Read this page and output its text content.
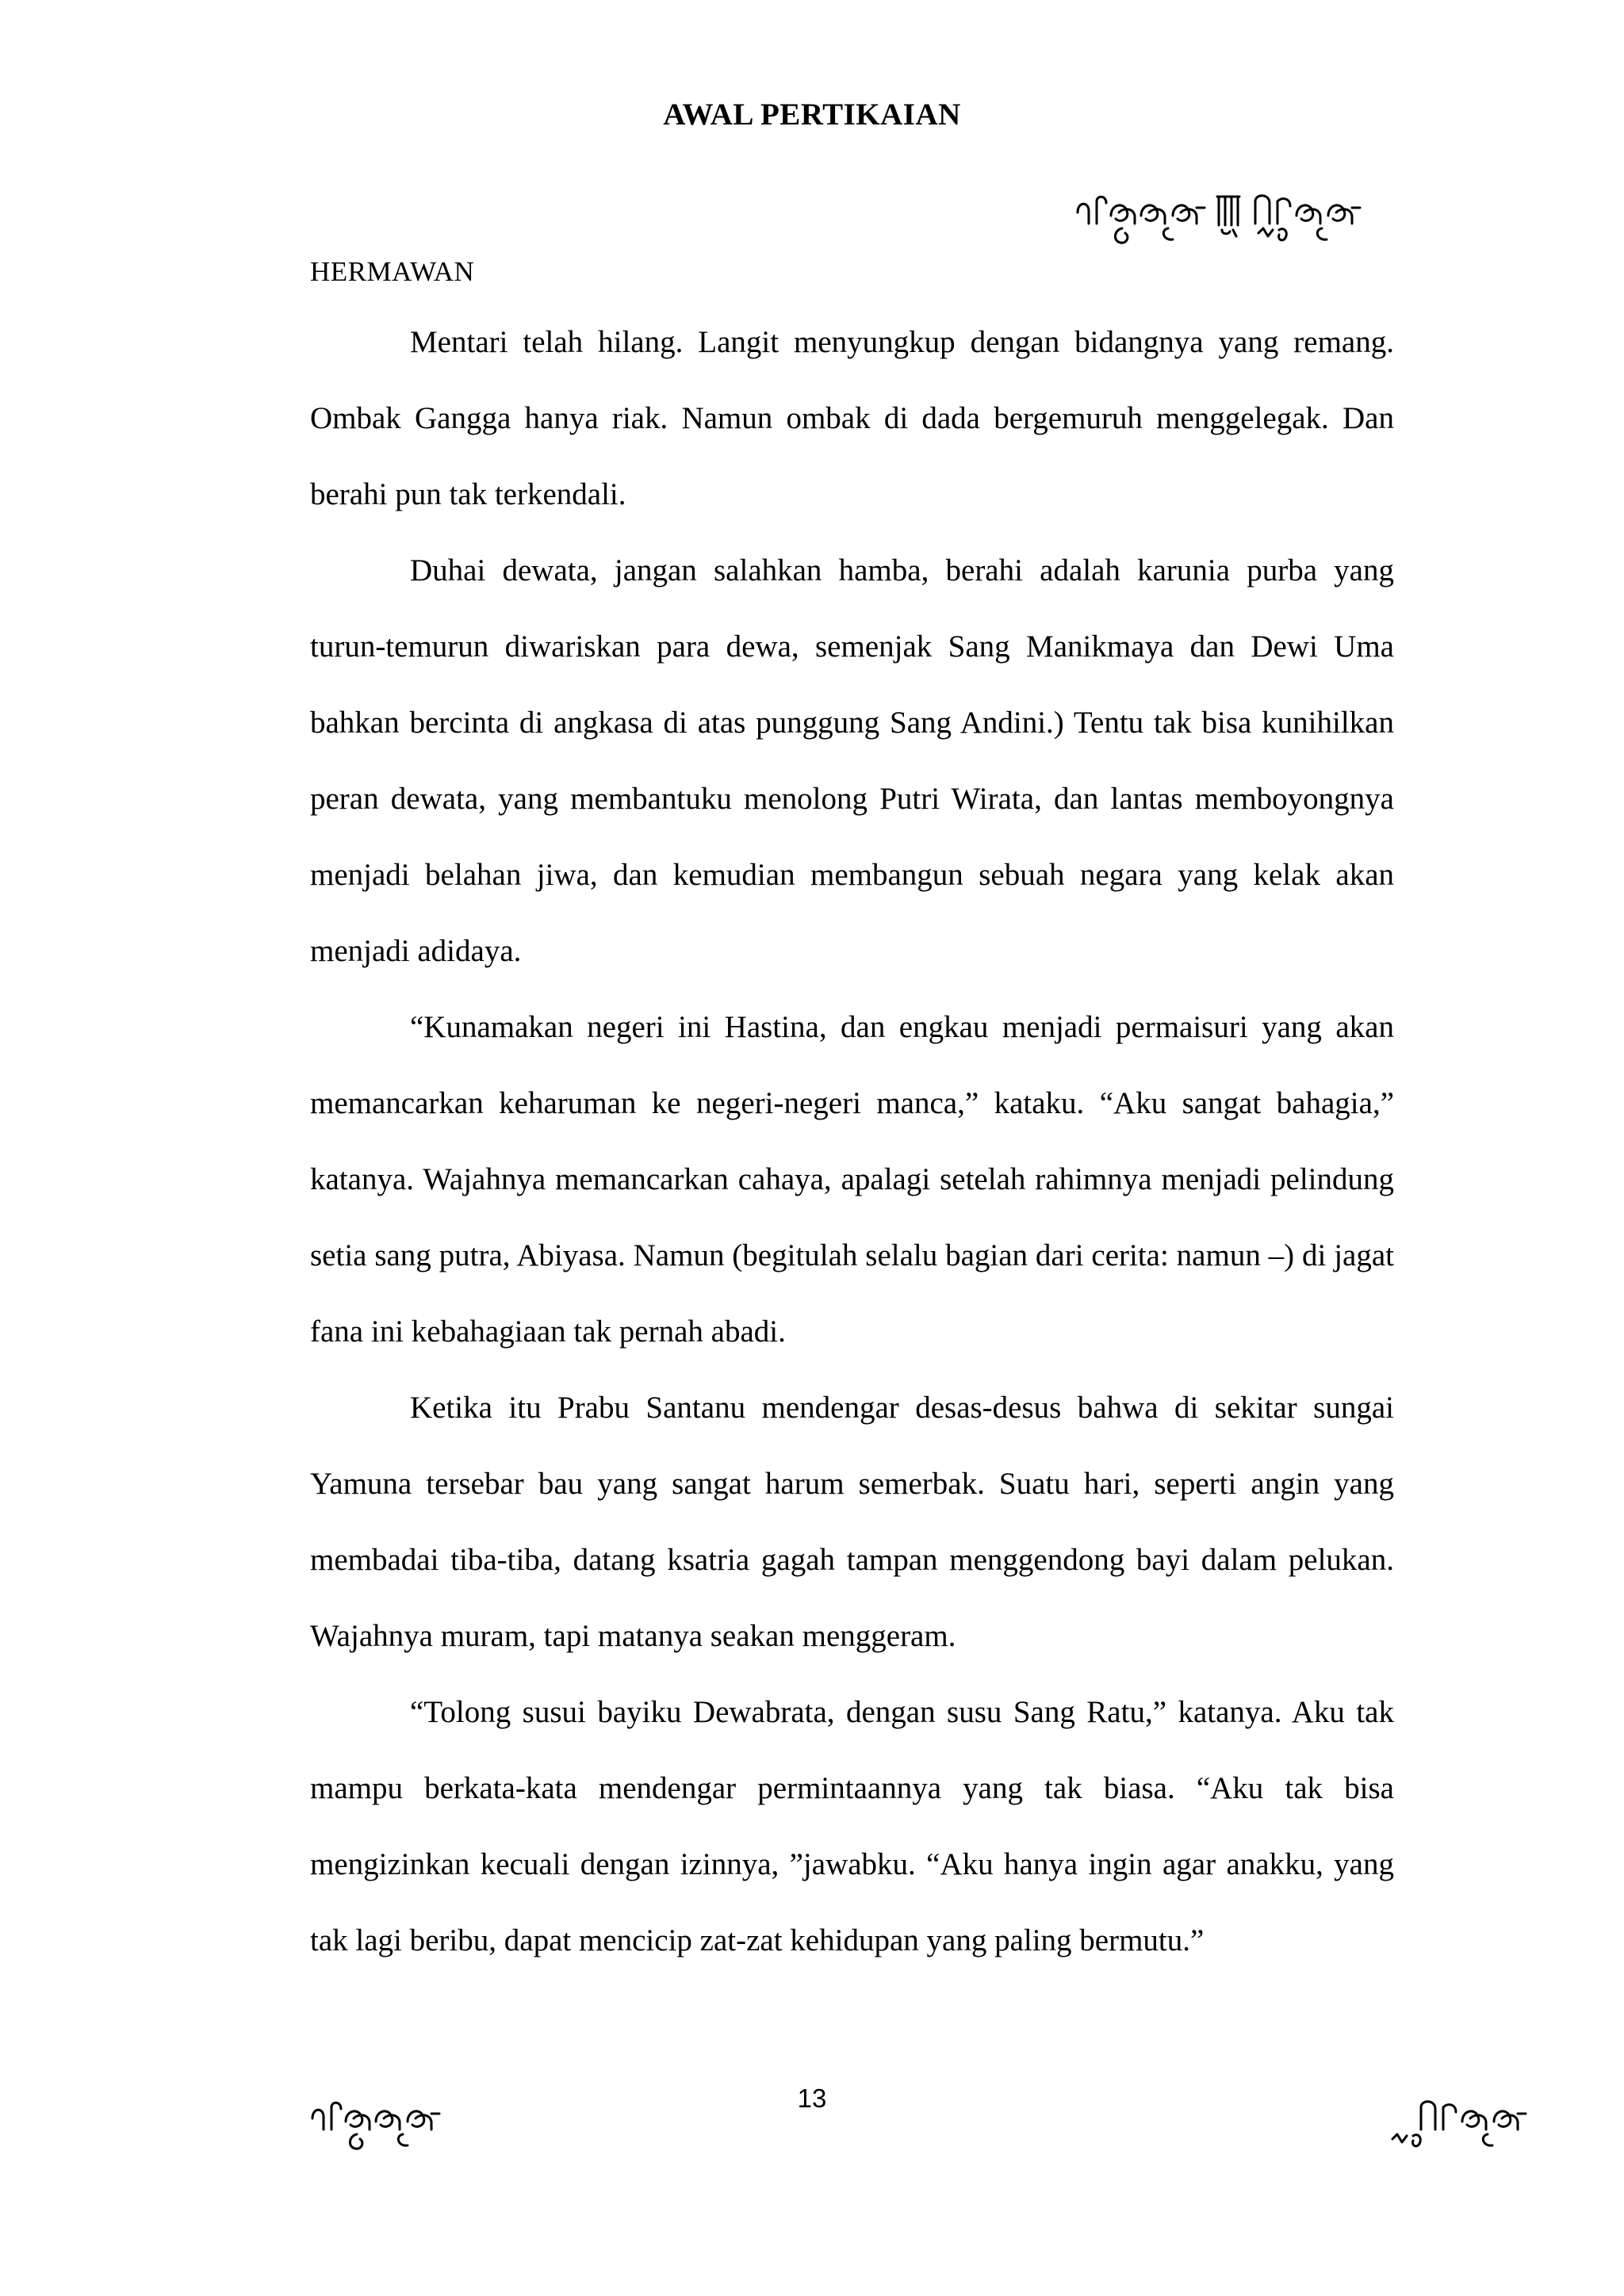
AWAL PERTIKAIAN
HERMAWAN

Mentari telah hilang. Langit menyungkup dengan bidangnya yang remang. Ombak Gangga hanya riak. Namun ombak di dada bergemuruh menggelegak. Dan berahi pun tak terkendali.

Duhai dewata, jangan salahkan hamba, berahi adalah karunia purba yang turun-temurun diwariskan para dewa, semenjak Sang Manikmaya dan Dewi Uma bahkan bercinta di angkasa di atas punggung Sang Andini.) Tentu tak bisa kunihilkan peran dewata, yang membantuku menolong Putri Wirata, dan lantas memboyongnya menjadi belahan jiwa, dan kemudian membangun sebuah negara yang kelak akan menjadi adidaya.

“Kunamakan negeri ini Hastina, dan engkau menjadi permaisuri yang akan memancarkan keharuman ke negeri-negeri manca,” kataku. “Aku sangat bahagia,” katanya. Wajahnya memancarkan cahaya, apalagi setelah rahimnya menjadi pelindung setia sang putra, Abiyasa. Namun (begitulah selalu bagian dari cerita: namun –) di jagat fana ini kebahagiaan tak pernah abadi.

Ketika itu Prabu Santanu mendengar desas-desus bahwa di sekitar sungai Yamuna tersebar bau yang sangat harum semerbak. Suatu hari, seperti angin yang membadai tiba-tiba, datang ksatria gagah tampan menggendong bayi dalam pelukan. Wajahnya muram, tapi matanya seakan menggeram.

“Tolong susui bayiku Dewabrata, dengan susu Sang Ratu,” katanya. Aku tak mampu berkata-kata mendengar permintaannya yang tak biasa. “Aku tak bisa mengizinkan kecuali dengan izinnya, ”jawabku. “Aku hanya ingin agar anakku, yang tak lagi beribu, dapat mencicip zat-zat kehidupan yang paling bermutu.”

13
